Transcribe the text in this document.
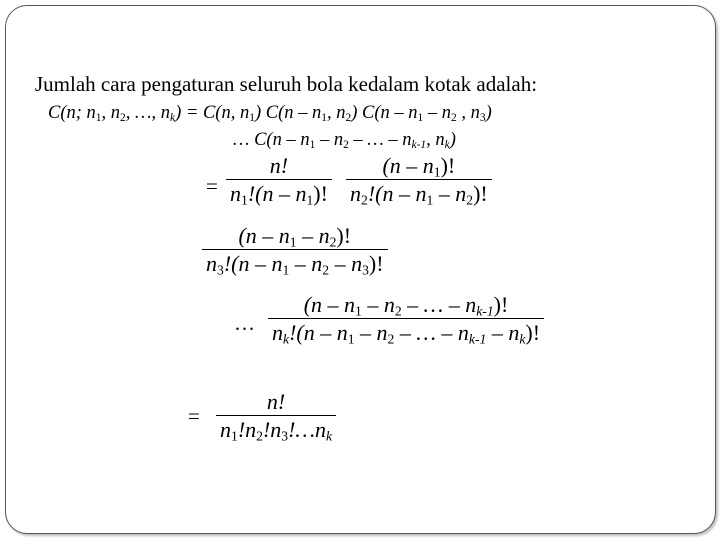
Jumlah cara pengaturan seluruh bola kedalam kotak adalah:
C(n; $n_1$, $n_2$, …, $n_k) = C(n$, $n_1$) $C(n - n_1$, $n_2$) $C(n - n_1 - n_2$ , $n_3$)
… $C(n - n_1 - n_2$ – … – $n_{k-1}$, $n_k$)
=
n!
$n_1!(n - n_1)$!
$(n - n_1)$!
$n_2!(n - n_1 - n_2)$!
$(n - n_1 - n_2)$!
$n_3!(n - n_1 - n_2 - n_3)$!
…
($n - n_1 - n_2$ – … – $n_{k-1}$)!
$n_k!(n - n_1 - n_2$ – … – $n_{k-1} - n_k$)!
=
n!
$n_1!n_2!n_3!\dots n_k$
